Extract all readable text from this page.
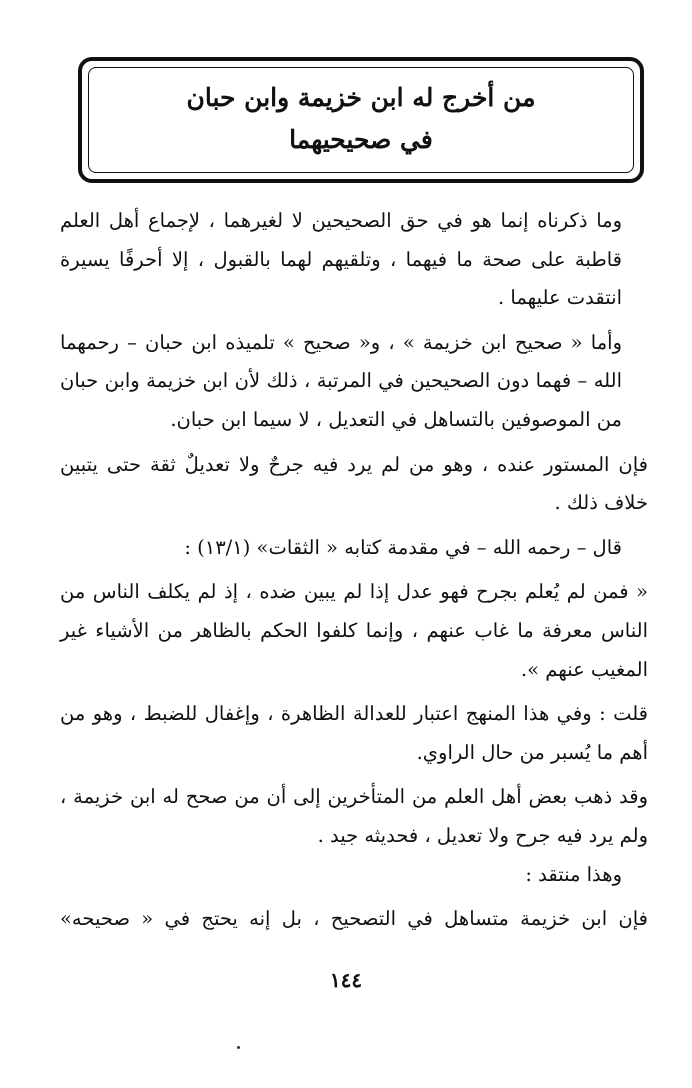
من أخرج له ابن خزيمة وابن حبان
في صحيحيهما

وما ذكرناه إنما هو في حق الصحيحين لا لغيرهما ، لإجماع أهل العلم قاطبة على صحة ما فيهما ، وتلقيهم لهما بالقبول ، إلا أحرفًا يسيرة انتقدت عليهما .

وأما « صحيح ابن خزيمة » ، و« صحيح » تلميذه ابن حبان – رحمهما الله – فهما دون الصحيحين في المرتبة ، ذلك لأن ابن خزيمة وابن حبان من الموصوفين بالتساهل في التعديل ، لا سيما ابن حبان.

فإن المستور عنده ، وهو من لم يرد فيه جرحٌ ولا تعديلٌ ثقة حتى يتبين خلاف ذلك .

قال – رحمه الله – في مقدمة كتابه « الثقات» (١٣/١) :

« فمن لم يُعلم بجرح فهو عدل إذا لم يبين ضده ، إذ لم يكلف الناس من الناس معرفة ما غاب عنهم ، وإنما كلفوا الحكم بالظاهر من الأشياء غير المغيب عنهم ».

قلت : وفي هذا المنهج اعتبار للعدالة الظاهرة ، وإغفال للضبط ، وهو من أهم ما يُسبر من حال الراوي.

وقد ذهب بعض أهل العلم من المتأخرين إلى أن من صحح له ابن خزيمة ، ولم يرد فيه جرح ولا تعديل ، فحديثه جيد .

وهذا منتقد :

فإن ابن خزيمة متساهل في التصحيح ، بل إنه يحتج في « صحيحه»

١٤٤
